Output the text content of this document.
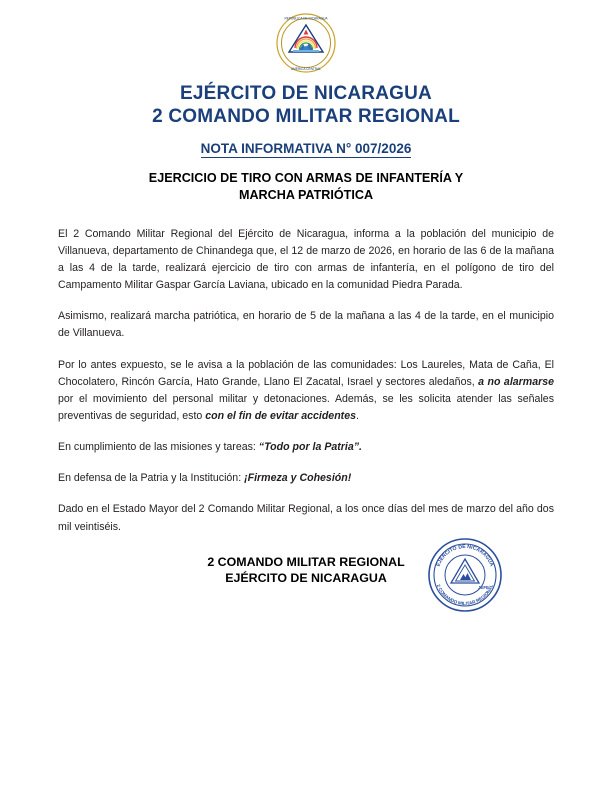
REPÚBLICA DE NICARAGUA
AMÉRICA CENTRAL
EJÉRCITO DE NICARAGUA
2 COMANDO MILITAR REGIONAL
NOTA INFORMATIVA N° 007/2026
EJERCICIO DE TIRO CON ARMAS DE INFANTERÍA Y
MARCHA PATRIÓTICA

El 2 Comando Militar Regional del Ejército de Nicaragua, informa a la población del municipio de Villanueva, departamento de Chinandega que, el 12 de marzo de 2026, en horario de las 6 de la mañana a las 4 de la tarde, realizará ejercicio de tiro con armas de infantería, en el polígono de tiro del Campamento Militar Gaspar García Laviana, ubicado en la comunidad Piedra Parada.

Asimismo, realizará marcha patriótica, en horario de 5 de la mañana a las 4 de la tarde, en el municipio de Villanueva.

Por lo antes expuesto, se le avisa a la población de las comunidades: Los Laureles, Mata de Caña, El Chocolatero, Rincón García, Hato Grande, Llano El Zacatal, Israel y sectores aledaños, a no alarmarse por el movimiento del personal militar y detonaciones. Además, se les solicita atender las señales preventivas de seguridad, esto con el fin de evitar accidentes.

En cumplimiento de las misiones y tareas: “Todo por la Patria”.

En defensa de la Patria y la Institución: ¡Firmeza y Cohesión!

Dado en el Estado Mayor del 2 Comando Militar Regional, a los once días del mes de marzo del año dos mil veintiséis.

2 COMANDO MILITAR REGIONAL
EJÉRCITO DE NICARAGUA
EJÉRCITO DE NICARAGUA
2 COMANDO MILITAR REGIONAL
JEFE
